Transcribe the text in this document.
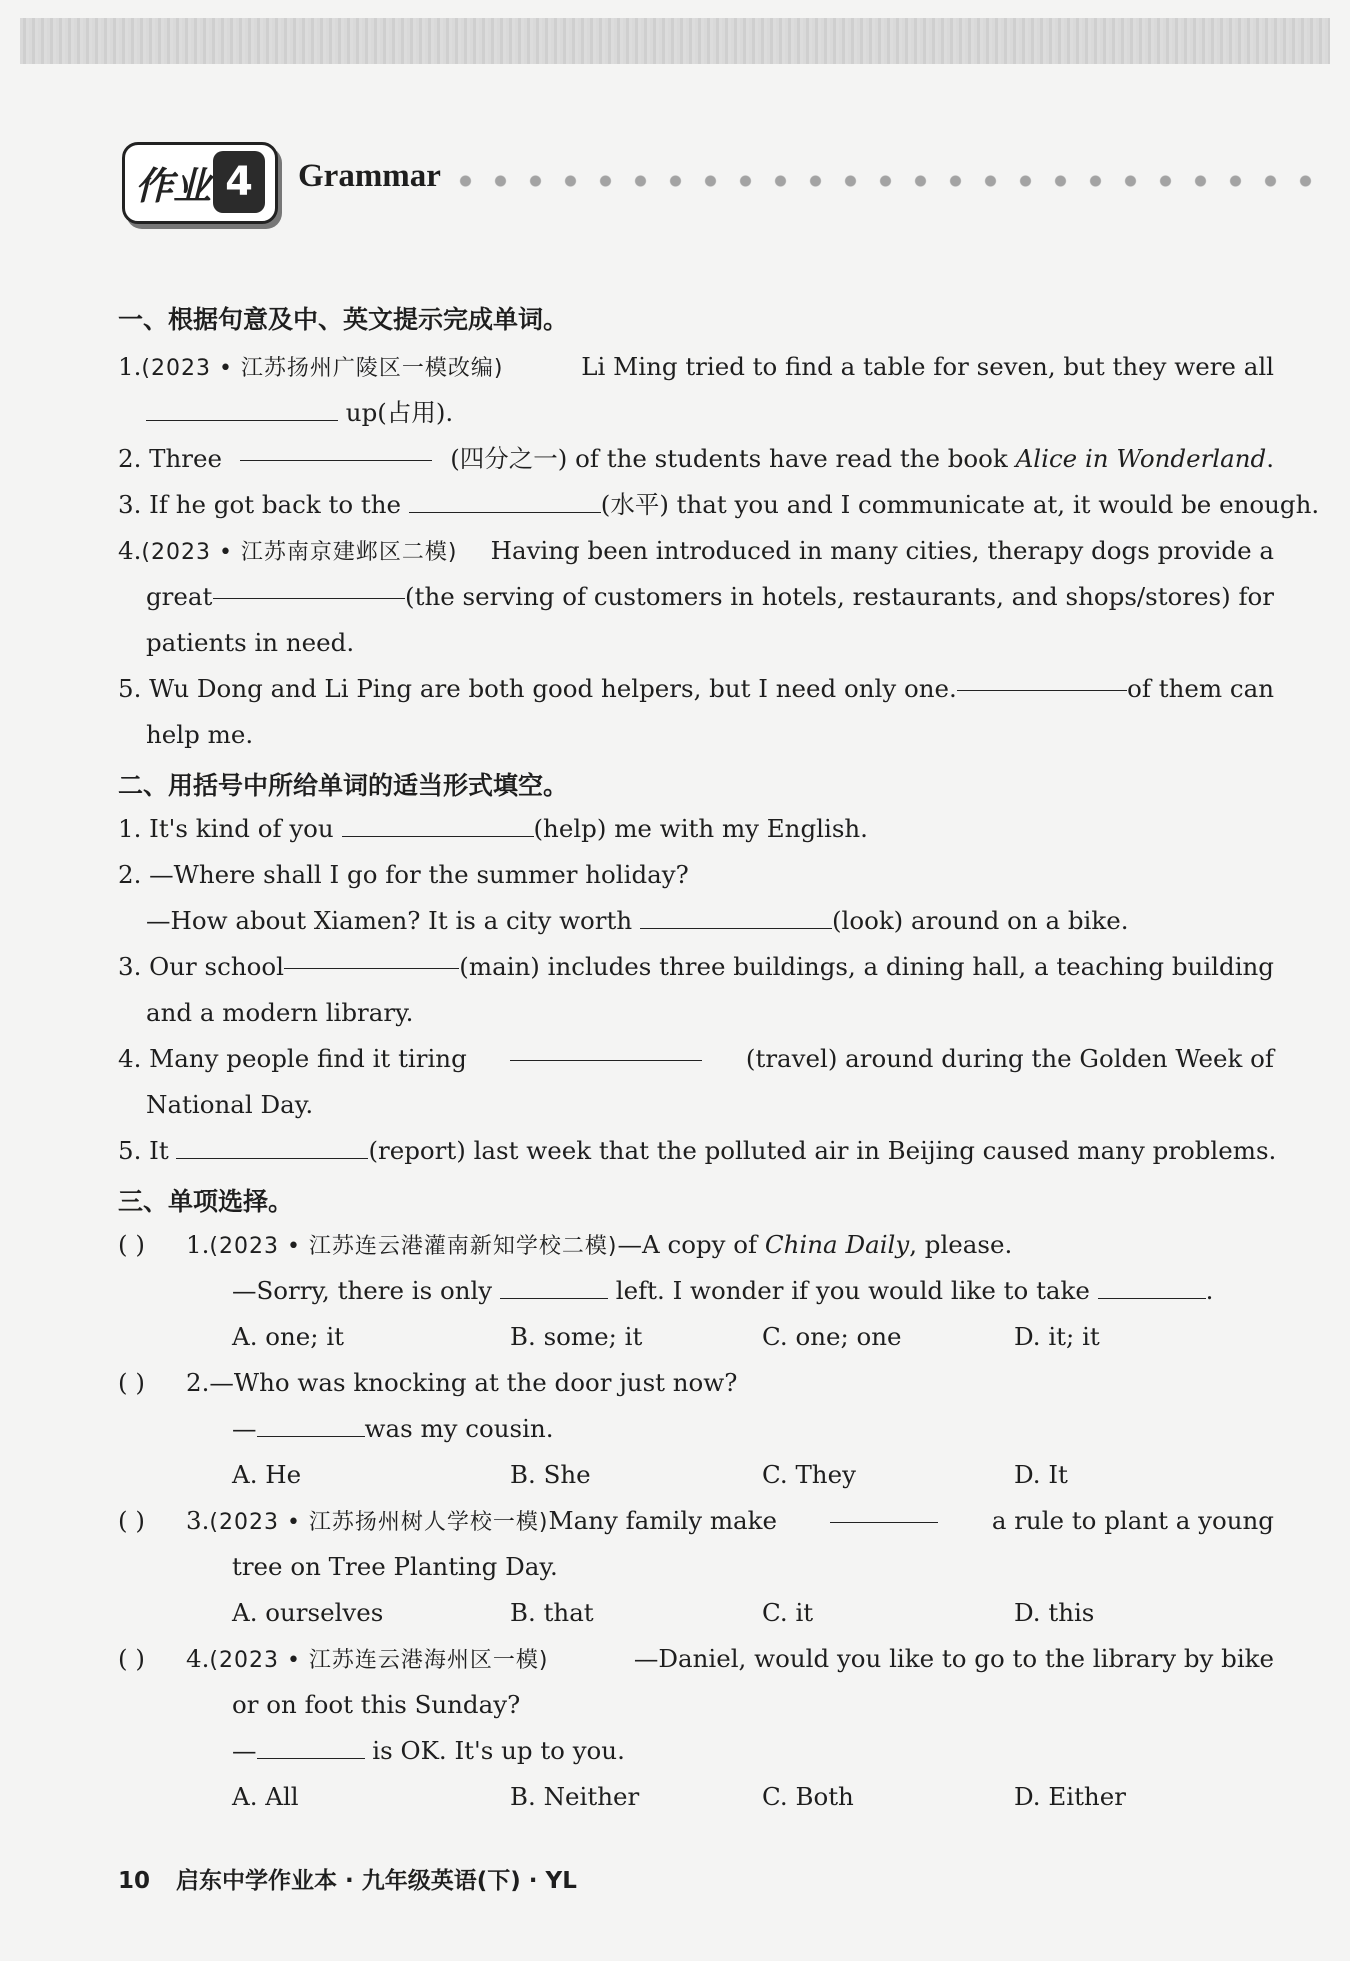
作业 4	Grammar
一、根据句意及中、英文提示完成单词。
1.(2023 • 江苏扬州广陵区一模改编)	Li Ming tried to find a table for seven, but they were all
up(占用).
2. Three	(四分之一) of the students have read the book Alice in Wonderland.
3. If he got back to the	(水平) that you and I communicate at, it would be enough.
4.(2023 • 江苏南京建邺区二模) Having been introduced in many cities, therapy dogs provide a
great	(the serving of customers in hotels, restaurants, and shops/stores) for
patients in need.
5. Wu Dong and Li Ping are both good helpers, but I need only one.	of them can
help me.
二、用括号中所给单词的适当形式填空。
1. It's kind of you	(help) me with my English.
2. —Where shall I go for the summer holiday?
—How about Xiamen? It is a city worth	(look) around on a bike.
3. Our school	(main) includes three buildings, a dining hall, a teaching building
and a modern library.
4. Many people find it tiring	(travel) around during the Golden Week of
National Day.
5. It	(report) last week that the polluted air in Beijing caused many problems.
三、单项选择。
( ) 1.(2023 • 江苏连云港灌南新知学校二模)—A copy of China Daily, please.
—Sorry, there is only	left. I wonder if you would like to take	.
A. one; it	B. some; it	C. one; one	D. it; it
( ) 2.—Who was knocking at the door just now?
—	was my cousin.
A. He	B. She	C. They	D. It
( ) 3.(2023 • 江苏扬州树人学校一模)Many family make	a rule to plant a young
tree on Tree Planting Day.
A. ourselves	B. that	C. it	D. this
( ) 4.(2023 • 江苏连云港海州区一模)	—Daniel, would you like to go to the library by bike
or on foot this Sunday?
—	is OK. It's up to you.
A. All	B. Neither	C. Both	D. Either
10 启东中学作业本 · 九年级英语(下) · YL
